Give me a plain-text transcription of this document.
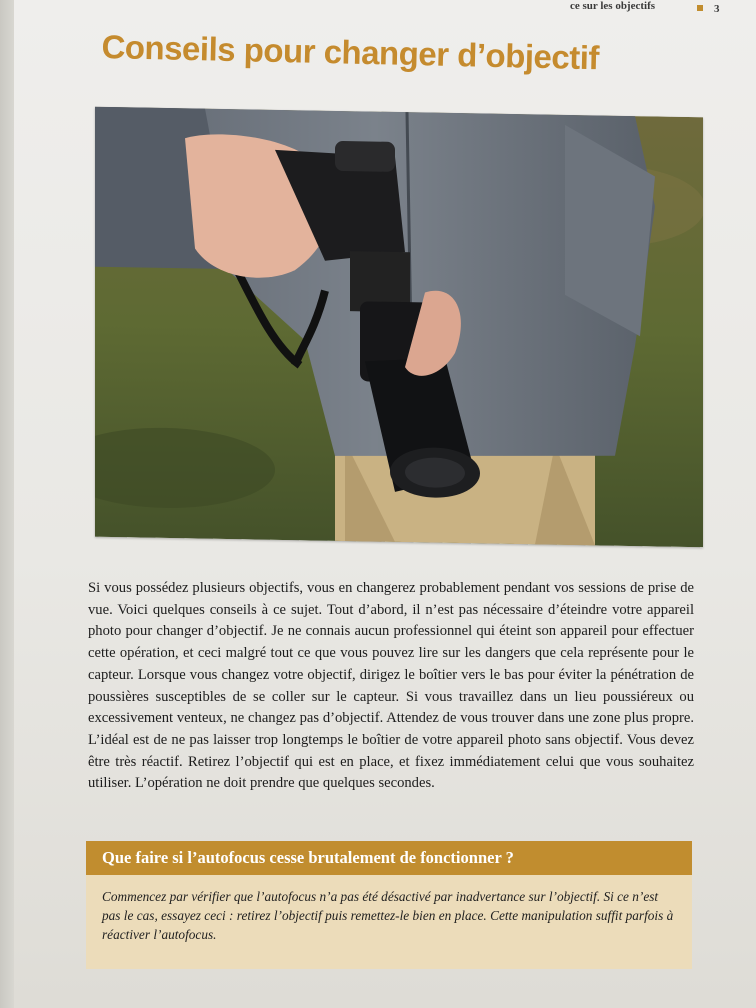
ce sur les objectifs	3
Conseils pour changer d’objectif

Si vous possédez plusieurs objectifs, vous en changerez probablement pendant vos sessions de prise de vue. Voici quelques conseils à ce sujet. Tout d’abord, il n’est pas nécessaire d’éteindre votre appareil photo pour changer d’objectif. Je ne connais aucun professionnel qui éteint son appareil pour effectuer cette opération, et ceci malgré tout ce que vous pouvez lire sur les dangers que cela représente pour le capteur. Lorsque vous changez votre objectif, dirigez le boîtier vers le bas pour éviter la pénétration de poussières susceptibles de se coller sur le capteur. Si vous travaillez dans un lieu poussiéreux ou excessivement venteux, ne changez pas d’objectif. Attendez de vous trouver dans une zone plus propre. L’idéal est de ne pas laisser trop longtemps le boîtier de votre appareil photo sans objectif. Vous devez être très réactif. Retirez l’objectif qui est en place, et fixez immédiatement celui que vous souhaitez utiliser. L’opération ne doit prendre que quelques secondes.

Que faire si l’autofocus cesse brutalement de fonctionner ?

Commencez par vérifier que l’autofocus n’a pas été désactivé par inadvertance sur l’objectif. Si ce n’est pas le cas, essayez ceci : retirez l’objectif puis remettez-le bien en place. Cette manipulation suffit parfois à réactiver l’autofocus.
